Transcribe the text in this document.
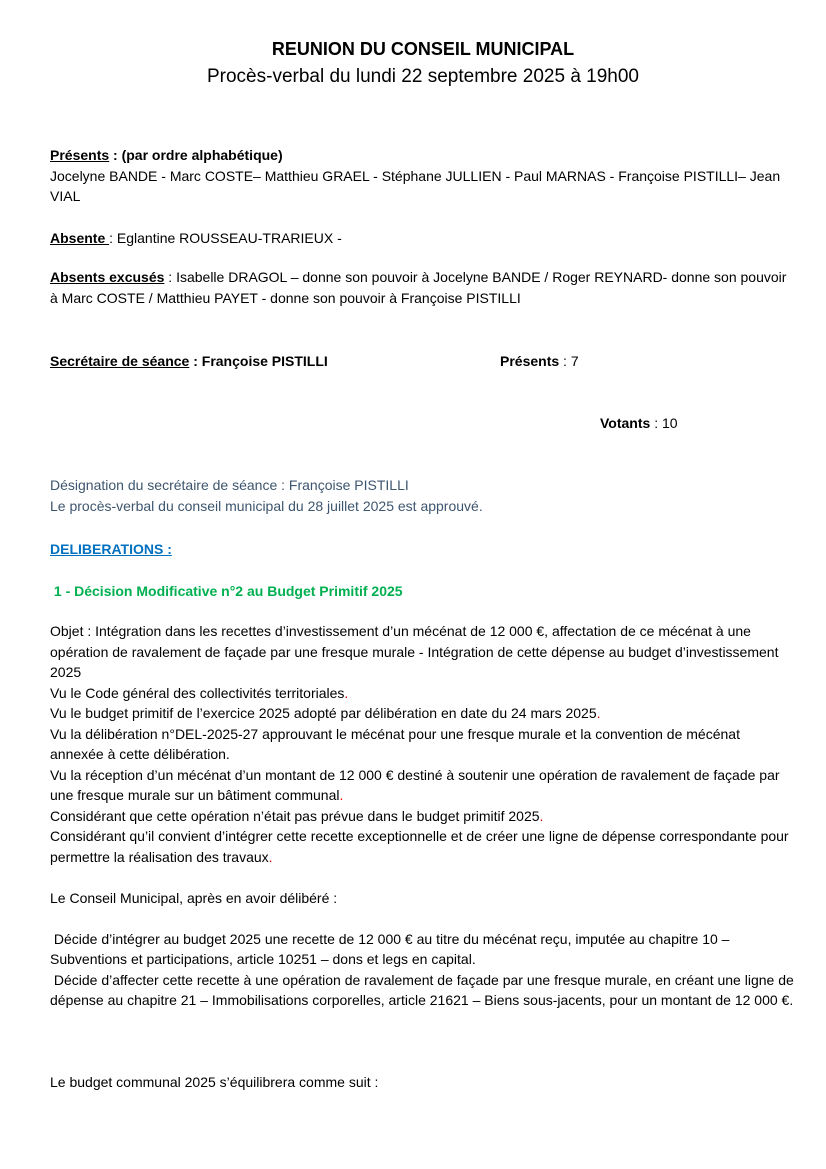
REUNION DU CONSEIL MUNICIPAL
Procès-verbal du lundi 22 septembre 2025 à 19h00
Présents : (par ordre alphabétique)
Jocelyne BANDE - Marc COSTE– Matthieu GRAEL - Stéphane JULLIEN - Paul MARNAS - Françoise PISTILLI– Jean VIAL
Absente : Eglantine ROUSSEAU-TRARIEUX -
Absents excusés : Isabelle DRAGOL – donne son pouvoir à Jocelyne BANDE / Roger REYNARD- donne son pouvoir à Marc COSTE / Matthieu PAYET - donne son pouvoir à Françoise PISTILLI
Secrétaire de séance : Françoise PISTILLI	Présents : 7
Votants : 10
Désignation du secrétaire de séance : Françoise PISTILLI
Le procès-verbal du conseil municipal du 28 juillet 2025 est approuvé.
DELIBERATIONS :
1 - Décision Modificative n°2 au Budget Primitif 2025
Objet : Intégration dans les recettes d’investissement d’un mécénat de 12 000 €, affectation de ce mécénat à une opération de ravalement de façade par une fresque murale - Intégration de cette dépense au budget d’investissement 2025
Vu le Code général des collectivités territoriales.
Vu le budget primitif de l’exercice 2025 adopté par délibération en date du 24 mars 2025.
Vu la délibération n°DEL-2025-27 approuvant le mécénat pour une fresque murale et la convention de mécénat annexée à cette délibération.
Vu la réception d’un mécénat d’un montant de 12 000 € destiné à soutenir une opération de ravalement de façade par une fresque murale sur un bâtiment communal.
Considérant que cette opération n’était pas prévue dans le budget primitif 2025.
Considérant qu’il convient d’intégrer cette recette exceptionnelle et de créer une ligne de dépense correspondante pour permettre la réalisation des travaux.
Le Conseil Municipal, après en avoir délibéré :
Décide d’intégrer au budget 2025 une recette de 12 000 € au titre du mécénat reçu, imputée au chapitre 10 – Subventions et participations, article 10251 – dons et legs en capital.
Décide d’affecter cette recette à une opération de ravalement de façade par une fresque murale, en créant une ligne de dépense au chapitre 21 – Immobilisations corporelles, article 21621 – Biens sous-jacents, pour un montant de 12 000 €.
Le budget communal 2025 s’équilibrera comme suit :
